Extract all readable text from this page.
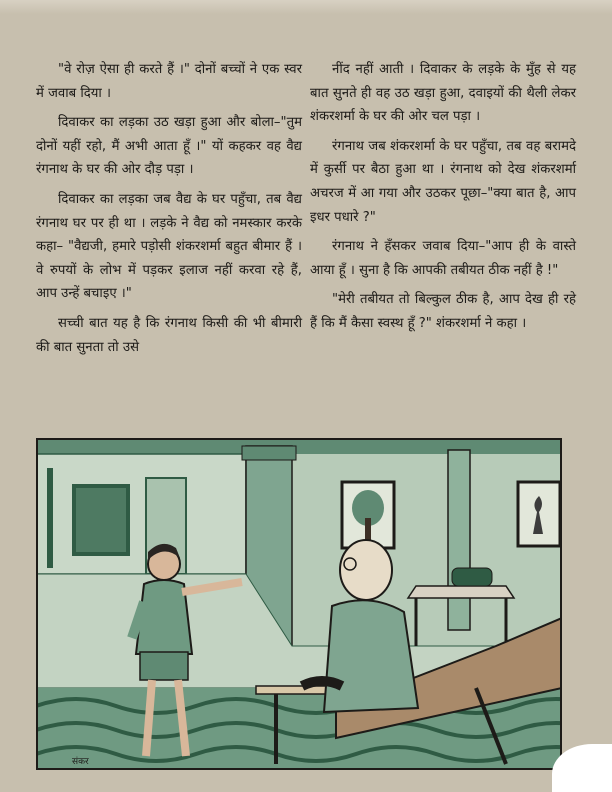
"वे रोज़ ऐसा ही करते हैं ।" दोनों बच्चों ने एक स्वर में जवाब दिया ।

दिवाकर का लड़का उठ खड़ा हुआ और बोला–"तुम दोनों यहीं रहो, मैं अभी आता हूँ ।" यों कहकर वह वैद्य रंगनाथ के घर की ओर दौड़ पड़ा ।

दिवाकर का लड़का जब वैद्य के घर पहुँचा, तब वैद्य रंगनाथ घर पर ही था । लड़के ने वैद्य को नमस्कार करके कहा– "वैद्यजी, हमारे पड़ोसी शंकरशर्मा बहुत बीमार हैं । वे रुपयों के लोभ में पड़कर इलाज नहीं करवा रहे हैं, आप उन्हें बचाइए ।"

सच्ची बात यह है कि रंगनाथ किसी की भी बीमारी की बात सुनता तो उसे

नींद नहीं आती । दिवाकर के लड़के के मुँह से यह बात सुनते ही वह उठ खड़ा हुआ, दवाइयों की थैली लेकर शंकरशर्मा के घर की ओर चल पड़ा ।

रंगनाथ जब शंकरशर्मा के घर पहुँचा, तब वह बरामदे में कुर्सी पर बैठा हुआ था । रंगनाथ को देख शंकरशर्मा अचरज में आ गया और उठकर पूछा–"क्या बात है, आप इधर पधारे ?"

रंगनाथ ने हँसकर जवाब दिया–"आप ही के वास्ते आया हूँ । सुना है कि आपकी तबीयत ठीक नहीं है !"

"मेरी तबीयत तो बिल्कुल ठीक है, आप देख ही रहे हैं कि मैं कैसा स्वस्थ हूँ ?" शंकरशर्मा ने कहा ।

संकर
